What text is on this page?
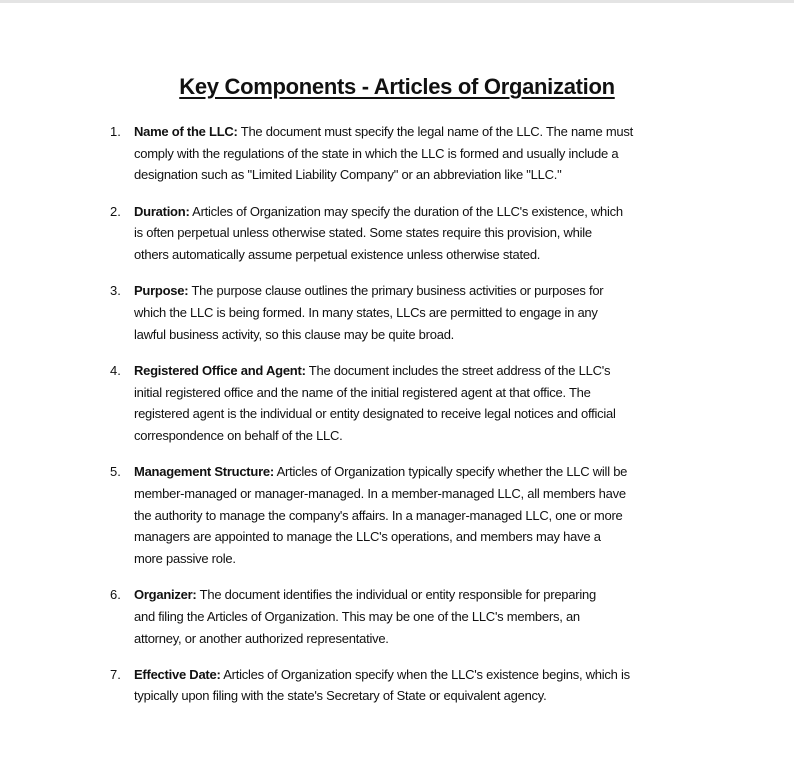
Key Components - Articles of Organization
1. Name of the LLC: The document must specify the legal name of the LLC. The name must
comply with the regulations of the state in which the LLC is formed and usually include a
designation such as "Limited Liability Company" or an abbreviation like "LLC."
2. Duration: Articles of Organization may specify the duration of the LLC's existence, which
is often perpetual unless otherwise stated. Some states require this provision, while
others automatically assume perpetual existence unless otherwise stated.
3. Purpose: The purpose clause outlines the primary business activities or purposes for
which the LLC is being formed. In many states, LLCs are permitted to engage in any
lawful business activity, so this clause may be quite broad.
4. Registered Office and Agent: The document includes the street address of the LLC's
initial registered office and the name of the initial registered agent at that office. The
registered agent is the individual or entity designated to receive legal notices and official
correspondence on behalf of the LLC.
5. Management Structure: Articles of Organization typically specify whether the LLC will be
member-managed or manager-managed. In a member-managed LLC, all members have
the authority to manage the company's affairs. In a manager-managed LLC, one or more
managers are appointed to manage the LLC's operations, and members may have a
more passive role.
6. Organizer: The document identifies the individual or entity responsible for preparing
and filing the Articles of Organization. This may be one of the LLC's members, an
attorney, or another authorized representative.
7. Effective Date: Articles of Organization specify when the LLC's existence begins, which is
typically upon filing with the state's Secretary of State or equivalent agency.
